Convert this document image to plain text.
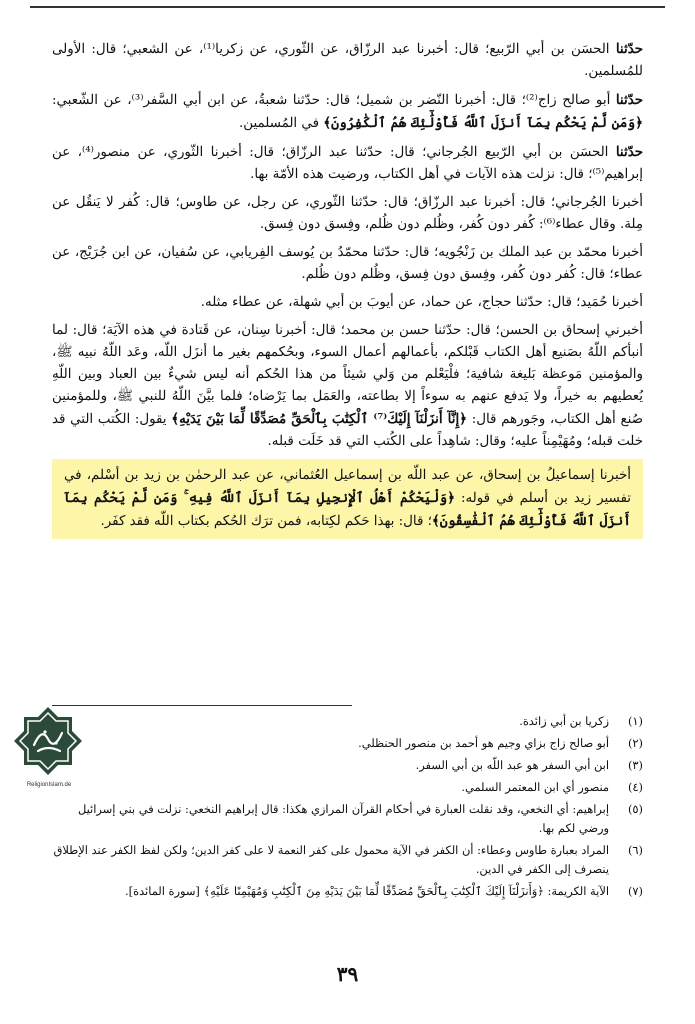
حدّثنا الحسَن بن أبي الرّبيع؛ قال: أخبرنا عبد الرزّاق، عن الثّوري، عن زكريا⁽¹⁾، عن الشعبي؛ قال: الأولى للمُسلمين.

حدّثنا أبو صالح زاج⁽²⁾؛ قال: أخبرنا النّضر بن شميل؛ قال: حدّثنا شعبةُ، عن ابن أبي السَّفر⁽³⁾، عن الشّعبي: ﴿وَمَن لَّمْ يَحْكُم بِمَآ أَنزَلَ ٱللَّهُ فَأُوْلَٰٓئِكَ هُمُ ٱلْكَٰفِرُونَ﴾ في المُسلمين.

حدّثنا الحسَن بن أبي الرّبيع الجُرجاني؛ قال: حدّثنا عبد الرزّاق؛ قال: أخبرنا الثّوري، عن منصور⁽⁴⁾، عن إبراهيم⁽⁵⁾؛ قال: نزلت هذه الآيات في أهل الكتاب، ورضيت هذه الأمّة بها.

أخبرنا الجُرجاني؛ قال: أخبرنا عبد الرزّاق؛ قال: حدّثنا الثّوري، عن رجل، عن طاوس؛ قال: كُفر لا يَنقُل عن مِلة. وقال عطاء⁽⁶⁾: كُفر دون كُفر، وظُلم دون ظُلم، وفِسق دون فِسق.

أخبرنا محمّد بن عبد الملك بن زَنْجُويه؛ قال: حدّثنا محمّدُ بن يُوسف الفِريابي، عن سُفيان، عن ابن جُرَيْج، عن عطاء؛ قال: كُفر دون كُفر، وفِسق دون فِسق، وظُلم دون ظُلم.

أخبرنا حُمَيد؛ قال: حدّثنا حجاج، عن حماد، عن أيوبَ بن أبي شهلة، عن عطاء مثله.

أخبرني إسحاق بن الحسن؛ قال: حدّثنا حسن بن محمد؛ قال: أخبرنا سِنان، عن قَتادة في هذه الآيَة؛ قال: لما أنبأكم اللّهُ بصَنيع أهل الكتاب قَبْلكم، بأعمالهم أعمال السوء، وبحُكمهم بغير ما أنزَل اللّه، وعَد اللّهُ نبيه ﷺ، والمؤمنين مَوعظة بَليغة شافية؛ فلْيَعْلم من وَلي شيئاً من هذا الحُكم أنه ليس شيءٌ بين العباد وبين اللّهِ يُعطيهم به خيراً، ولا يَدفع عنهم به سوءاً إلا بطاعته، والعَمَل بما يَرْضاه؛ فلما بيَّنَ اللّهُ للنبي ﷺ، وللمؤمنين صُنع أهل الكتاب، وجَورهم قال: ﴿إِنَّآ أَنزَلْنَآ إِلَيْكَ⁽⁷⁾ ٱلْكِتَٰبَ بِٱلْحَقِّ مُصَدِّقًا لِّمَا بَيْنَ يَدَيْهِ﴾ يقول: الكُتب التي قد خلت قبله؛ ومُهَيْمِناً عليه؛ وقال: شاهِداً على الكُتب التي قد خَلَت قبله.

أخبرنا إسماعيلُ بن إسحاق، عن عبد اللّه بن إسماعيل العُثماني، عن عبد الرحمٰن بن زيد بن أسْلم، في تفسير زيد بن أسلم في قوله: ﴿وَلْيَحْكُمْ أَهْلُ ٱلْإِنجِيلِ بِمَآ أَنزَلَ ٱللَّهُ فِيهِ ۚ وَمَن لَّمْ يَحْكُم بِمَآ أَنزَلَ ٱللَّهُ فَأُوْلَٰٓئِكَ هُمُ ٱلْفَٰسِقُونَ﴾؛ قال: بهذا حَكم لكِتابه، فمن ترَك الحُكم بكتاب اللّه فقد كفَر.

(١)
زكريا بن أبي زائدة.
(٢)
أبو صالح زاج بزاي وجيم هو أحمد بن منصور الحنظلي.
(٣)
ابن أبي السفر هو عبد اللّه بن أبي السفر.
(٤)
منصور أي ابن المعتمر السلمي.
(٥)
إبراهيم: أي النخعي، وقد نقلت العبارة في أحكام القرآن المرازي هكذا: قال إبراهيم النخعي: نزلت في بني إسرائيل ورضي لكم بها.
(٦)
المراد بعبارة طاوس وعطاء: أن الكفر في الآية محمول على كفر النعمة لا على كفر الدين؛ ولكن لفظ الكفر عند الإطلاق ينصرف إلى الكفر في الدين.
(٧)
الآية الكريمة: ﴿وَأَنزَلْنَآ إِلَيْكَ ٱلْكِتَٰبَ بِٱلْحَقِّ مُصَدِّقًا لِّمَا بَيْنَ يَدَيْهِ مِنَ ٱلْكِتَٰبِ وَمُهَيْمِنًا عَلَيْهِ﴾ [سورة المائدة].
٣٩
ReligionIslam.de
